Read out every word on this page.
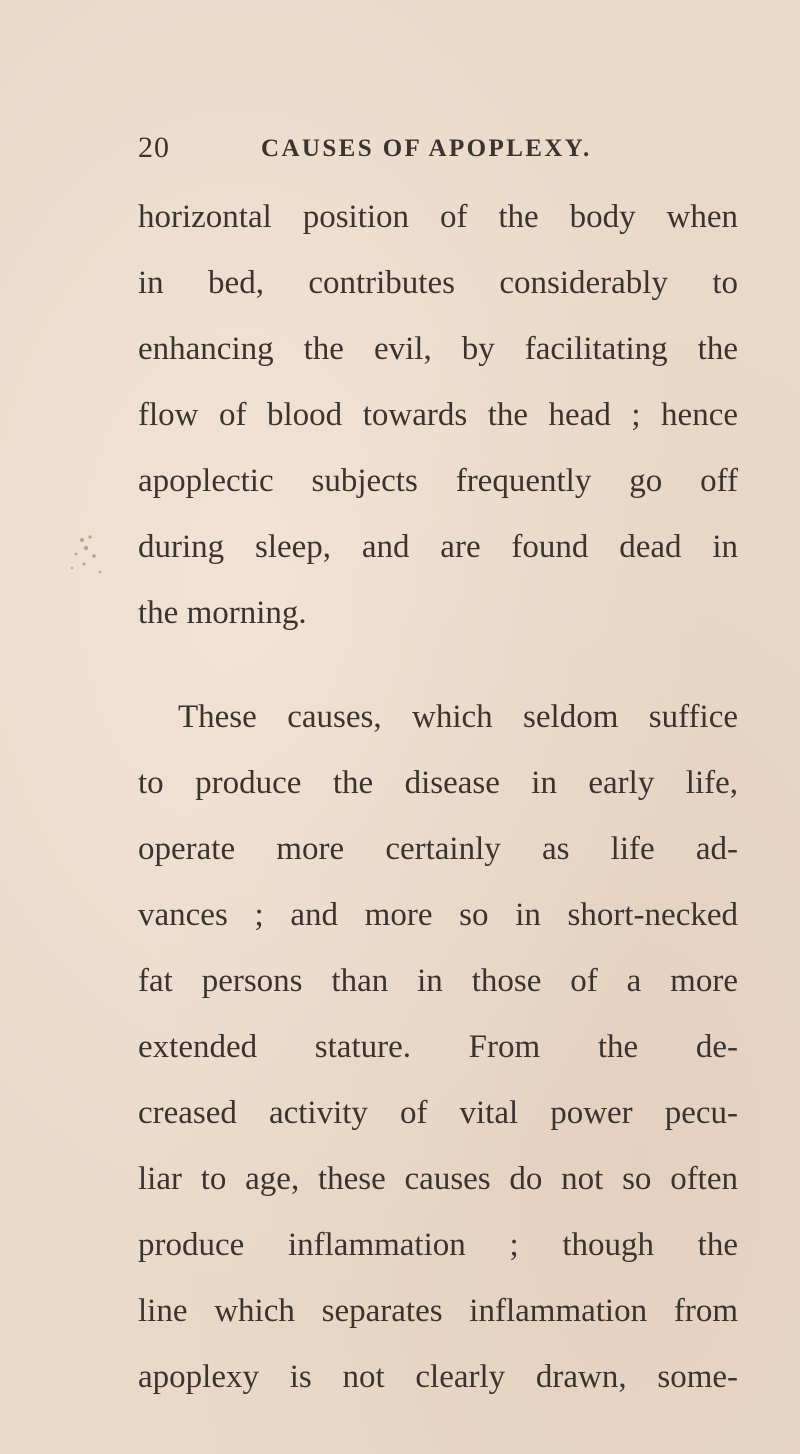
20	CAUSES OF APOPLEXY.
horizontal position of the body when
in bed, contributes considerably to
enhancing the evil, by facilitating the
flow of blood towards the head ; hence
apoplectic subjects frequently go off
during sleep, and are found dead in
the morning.
These causes, which seldom suffice
to produce the disease in early life,
operate more certainly as life ad-
vances ; and more so in short-necked
fat persons than in those of a more
extended stature. From the de-
creased activity of vital power pecu-
liar to age, these causes do not so often
produce inflammation ; though the
line which separates inflammation from
apoplexy is not clearly drawn, some-
